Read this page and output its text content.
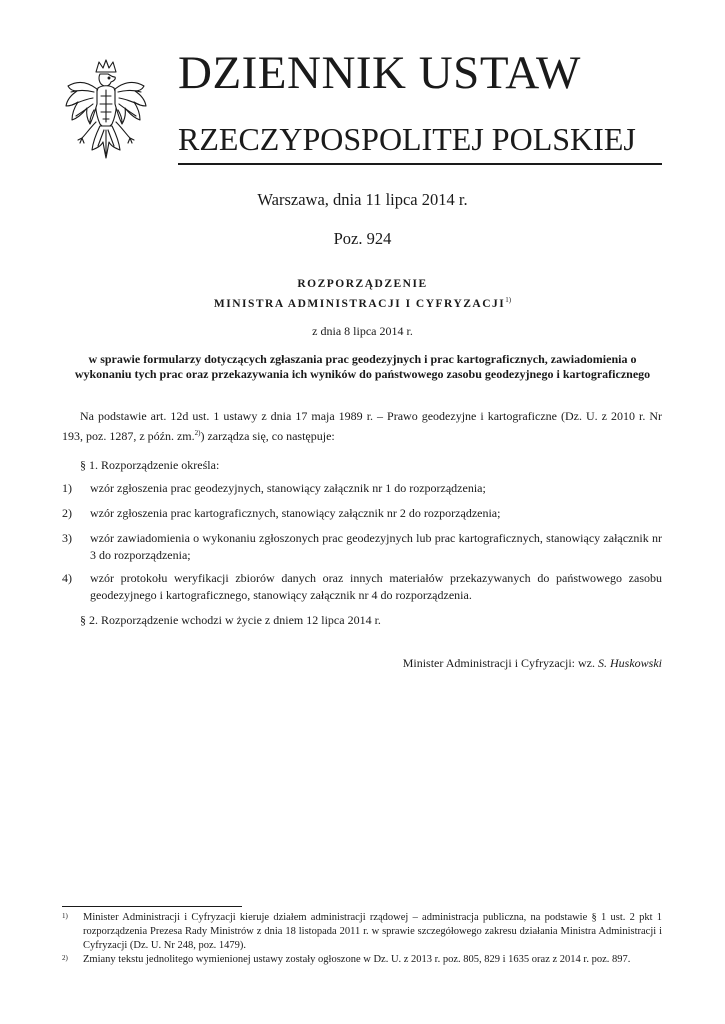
DZIENNIK USTAW
RZECZYPOSPOLITEJ POLSKIEJ
Warszawa, dnia 11 lipca 2014 r.
Poz. 924
ROZPORZĄDZENIE
MINISTRA ADMINISTRACJI I CYFRYZACJI$^{1)}$
z dnia 8 lipca 2014 r.
w sprawie formularzy dotyczących zgłaszania prac geodezyjnych i prac kartograficznych, zawiadomienia o wykonaniu tych prac oraz przekazywania ich wyników do państwowego zasobu geodezyjnego i kartograficznego
Na podstawie art. 12d ust. 1 ustawy z dnia 17 maja 1989 r. – Prawo geodezyjne i kartograficzne (Dz. U. z 2010 r. Nr 193, poz. 1287, z późn. zm.$^{2)}$) zarządza się, co następuje:
§ 1. Rozporządzenie określa:
1) wzór zgłoszenia prac geodezyjnych, stanowiący załącznik nr 1 do rozporządzenia;
2) wzór zgłoszenia prac kartograficznych, stanowiący załącznik nr 2 do rozporządzenia;
3) wzór zawiadomienia o wykonaniu zgłoszonych prac geodezyjnych lub prac kartograficznych, stanowiący załącznik nr 3 do rozporządzenia;
4) wzór protokołu weryfikacji zbiorów danych oraz innych materiałów przekazywanych do państwowego zasobu geodezyjnego i kartograficznego, stanowiący załącznik nr 4 do rozporządzenia.
§ 2. Rozporządzenie wchodzi w życie z dniem 12 lipca 2014 r.
Minister Administracji i Cyfryzacji: wz. S. Huskowski
1) Minister Administracji i Cyfryzacji kieruje działem administracji rządowej – administracja publiczna, na podstawie § 1 ust. 2 pkt 1 rozporządzenia Prezesa Rady Ministrów z dnia 18 listopada 2011 r. w sprawie szczegółowego zakresu działania Ministra Administracji i Cyfryzacji (Dz. U. Nr 248, poz. 1479).
2) Zmiany tekstu jednolitego wymienionej ustawy zostały ogłoszone w Dz. U. z 2013 r. poz. 805, 829 i 1635 oraz z 2014 r. poz. 897.
